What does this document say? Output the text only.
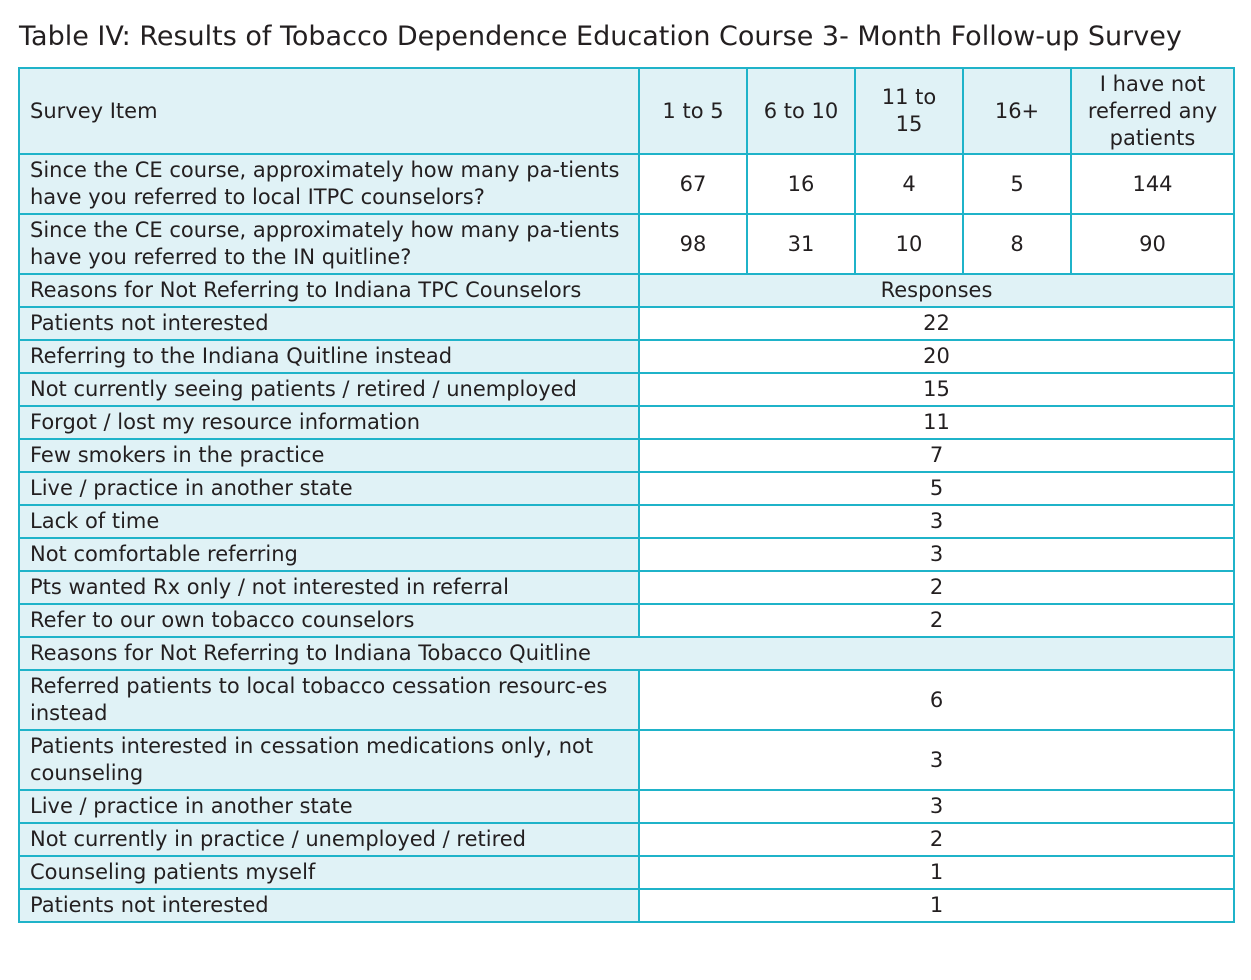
Table IV: Results of Tobacco Dependence Education Course 3- Month Follow-up Survey
Survey Item	1 to 5	6 to 10	11 to 15	16+	I have not referred any patients
Since the CE course, approximately how many pa-tients have you referred to local ITPC counselors?	67	16	4	5	144
Since the CE course, approximately how many pa-tients have you referred to the IN quitline?	98	31	10	8	90
Reasons for Not Referring to Indiana TPC Counselors	Responses				
Patients not interested	22				
Referring to the Indiana Quitline instead	20				
Not currently seeing patients / retired / unemployed	15				
Forgot / lost my resource information	11				
Few smokers in the practice	7				
Live / practice in another state	5				
Lack of time	3				
Not comfortable referring	3				
Pts wanted Rx only / not interested in referral	2				
Refer to our own tobacco counselors	2				
Reasons for Not Referring to Indiana Tobacco Quitline					
Referred patients to local tobacco cessation resourc-es instead	6				
Patients interested in cessation medications only, not counseling	3				
Live / practice in another state	3				
Not currently in practice / unemployed / retired	2				
Counseling patients myself	1				
Patients not interested	1				
